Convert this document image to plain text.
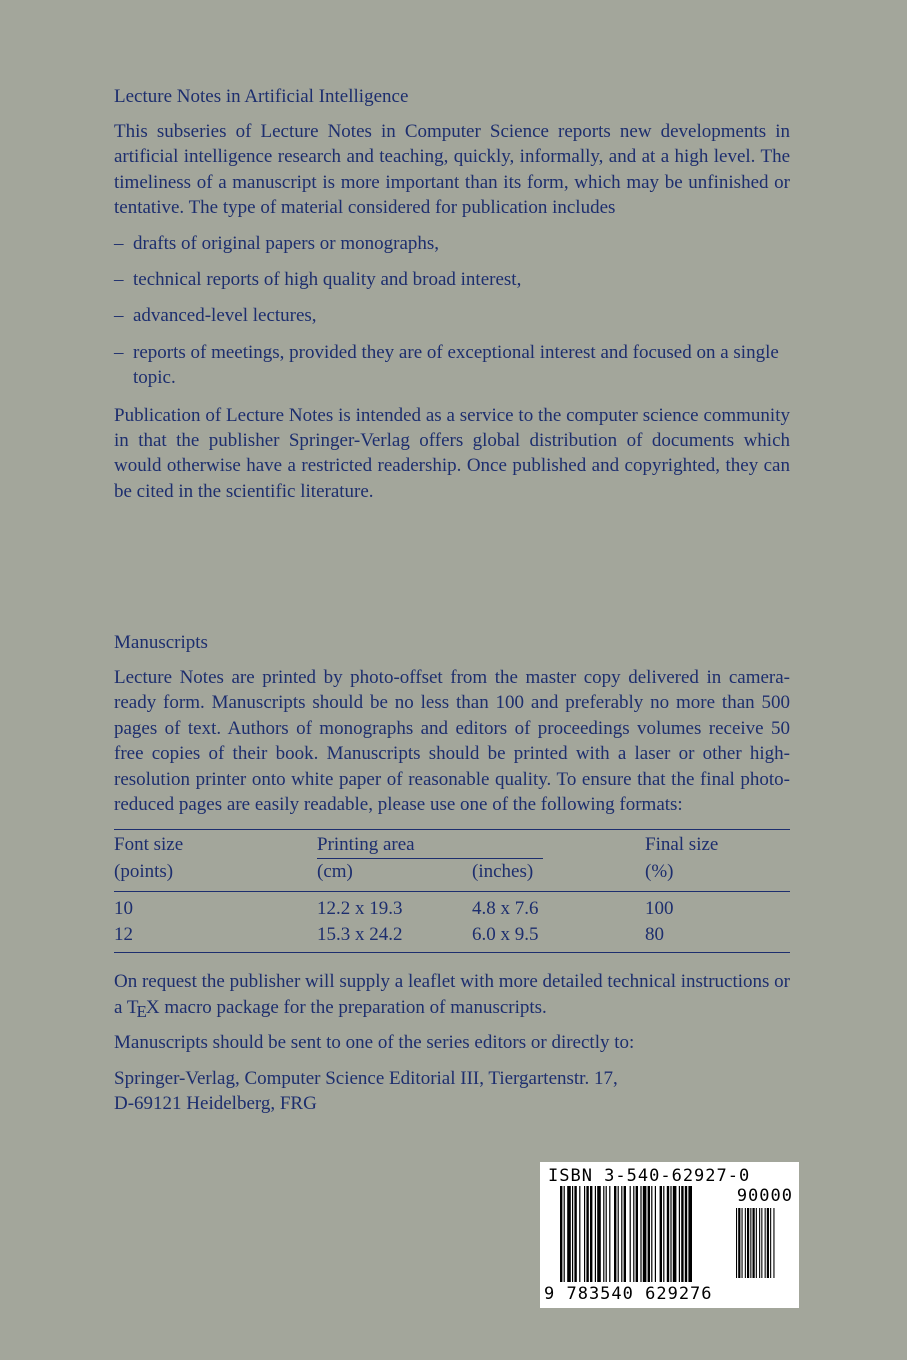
Lecture Notes in Artificial Intelligence

This subseries of Lecture Notes in Computer Science reports new developments in artificial intelligence research and teaching, quickly, informally, and at a high level. The timeliness of a manuscript is more important than its form, which may be unfinished or tentative. The type of material considered for publication includes

– drafts of original papers or monographs,
– technical reports of high quality and broad interest,
– advanced-level lectures,
– reports of meetings, provided they are of exceptional interest and focused on a single topic.

Publication of Lecture Notes is intended as a service to the computer science community in that the publisher Springer-Verlag offers global distribution of documents which would otherwise have a restricted readership. Once published and copyrighted, they can be cited in the scientific literature.

Manuscripts

Lecture Notes are printed by photo-offset from the master copy delivered in camera-ready form. Manuscripts should be no less than 100 and preferably no more than 500 pages of text. Authors of monographs and editors of proceedings volumes receive 50 free copies of their book. Manuscripts should be printed with a laser or other high-resolution printer onto white paper of reasonable quality. To ensure that the final photo-reduced pages are easily readable, please use one of the following formats:

Font size	Printing area		Final size
(points)	(cm)	(inches)	(%)
10	12.2 x 19.3	4.8 x 7.6	100
12	15.3 x 24.2	6.0 x 9.5	80

On request the publisher will supply a leaflet with more detailed technical instructions or a TEX macro package for the preparation of manuscripts.

Manuscripts should be sent to one of the series editors or directly to:

Springer-Verlag, Computer Science Editorial III, Tiergartenstr. 17,
D-69121 Heidelberg, FRG

ISBN 3-540-62927-0
90000
9 783540 629276
